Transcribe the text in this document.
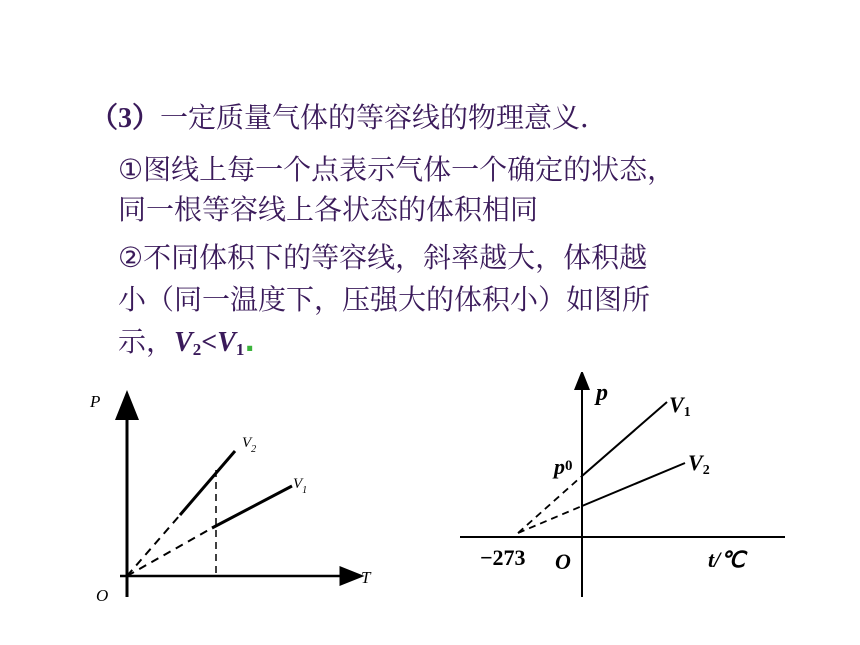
（3）一定质量气体的等容线的物理意义．
①图线上每一个点表示气体一个确定的状态，
同一根等容线上各状态的体积相同
②不同体积下的等容线，斜率越大，体积越
小（同一温度下，压强大的体积小）如图所
示，$V_2<V_1$.
P
T
O
$V_2$
$V_1$
p
p0
−273 O	t/℃
V1
V2
